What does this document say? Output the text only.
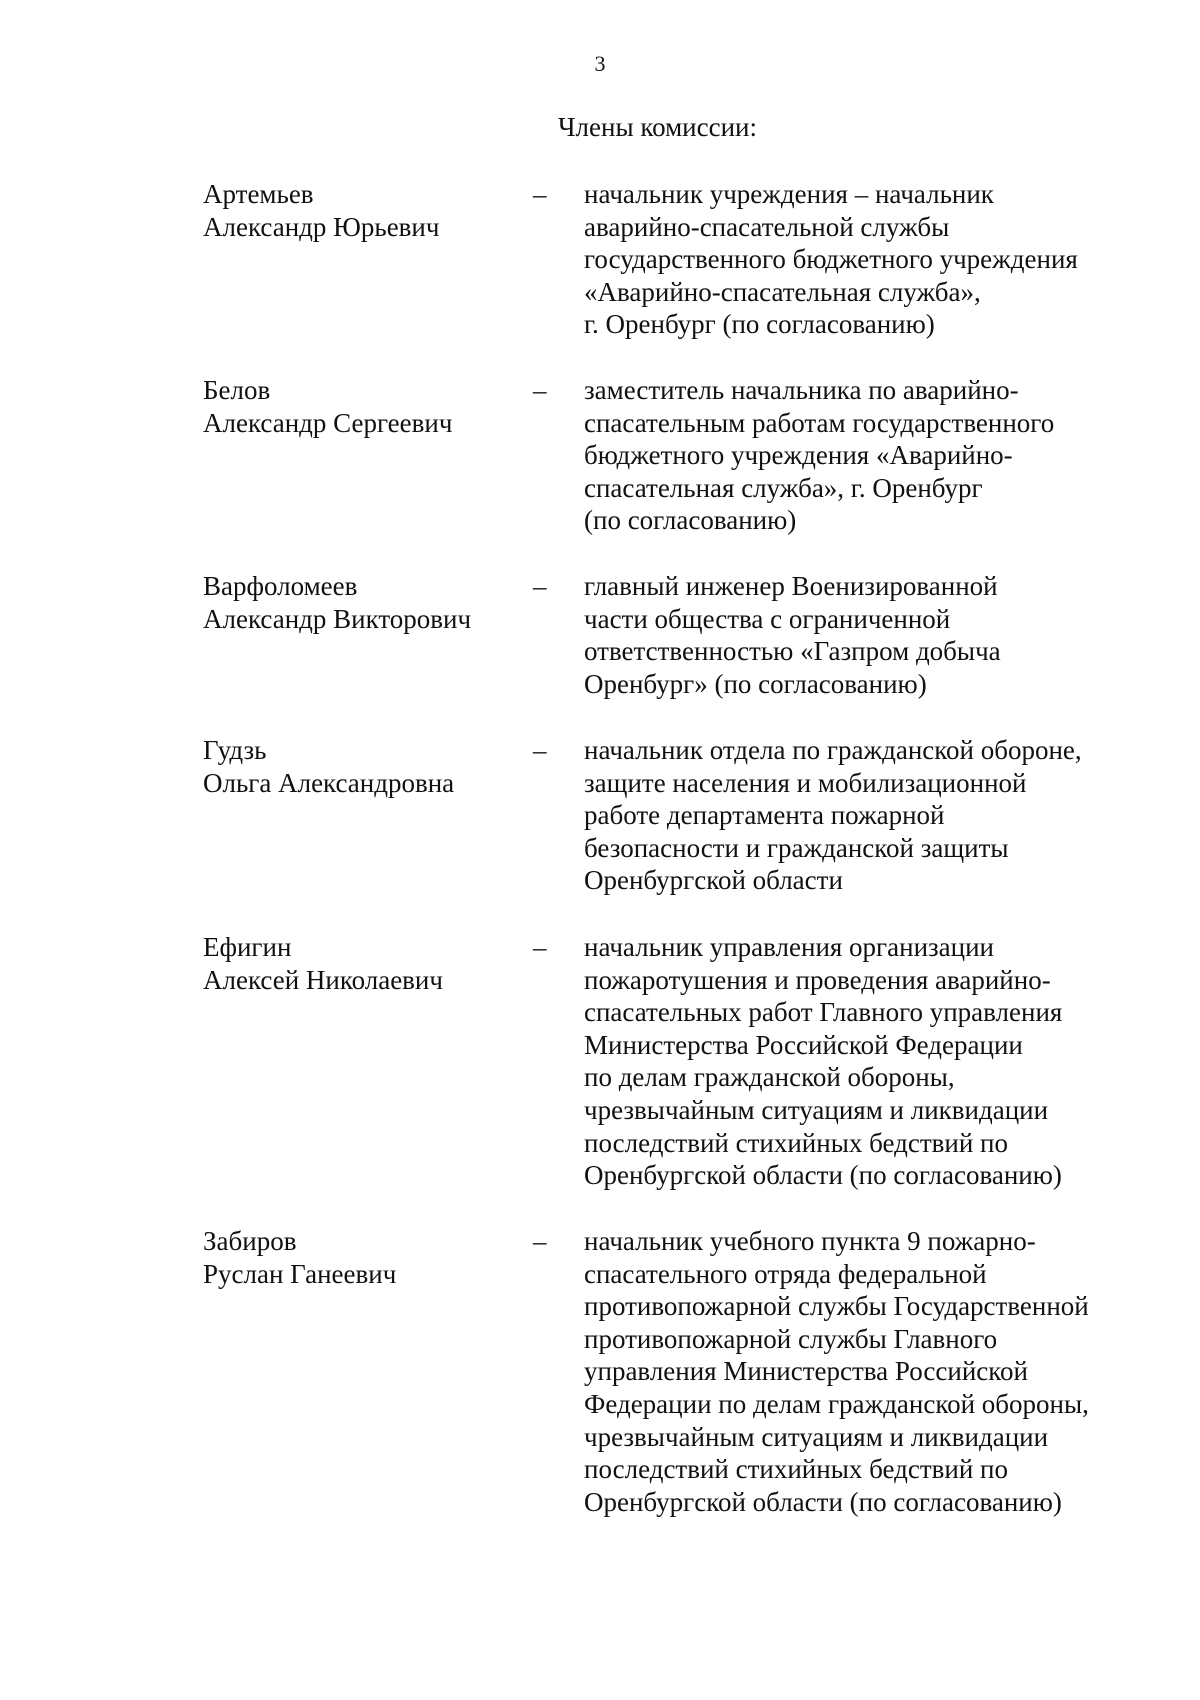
3
Члены комиссии:
Артемьев
Александр Юрьевич
– начальник учреждения – начальник
аварийно-спасательной службы
государственного бюджетного учреждения
«Аварийно-спасательная служба»,
г. Оренбург (по согласованию)
Белов
Александр Сергеевич
– заместитель начальника по аварийно-
спасательным работам государственного
бюджетного учреждения «Аварийно-
спасательная служба», г. Оренбург
(по согласованию)
Варфоломеев
Александр Викторович
– главный инженер Военизированной
части общества с ограниченной
ответственностью «Газпром добыча
Оренбург» (по согласованию)
Гудзь
Ольга Александровна
– начальник отдела по гражданской обороне,
защите населения и мобилизационной
работе департамента пожарной
безопасности и гражданской защиты
Оренбургской области
Ефигин
Алексей Николаевич
– начальник управления организации
пожаротушения и проведения аварийно-
спасательных работ Главного управления
Министерства Российской Федерации
по делам гражданской обороны,
чрезвычайным ситуациям и ликвидации
последствий стихийных бедствий по
Оренбургской области (по согласованию)
Забиров
Руслан Ганеевич
– начальник учебного пункта 9 пожарно-
спасательного отряда федеральной
противопожарной службы Государственной
противопожарной службы Главного
управления Министерства Российской
Федерации по делам гражданской обороны,
чрезвычайным ситуациям и ликвидации
последствий стихийных бедствий по
Оренбургской области (по согласованию)
